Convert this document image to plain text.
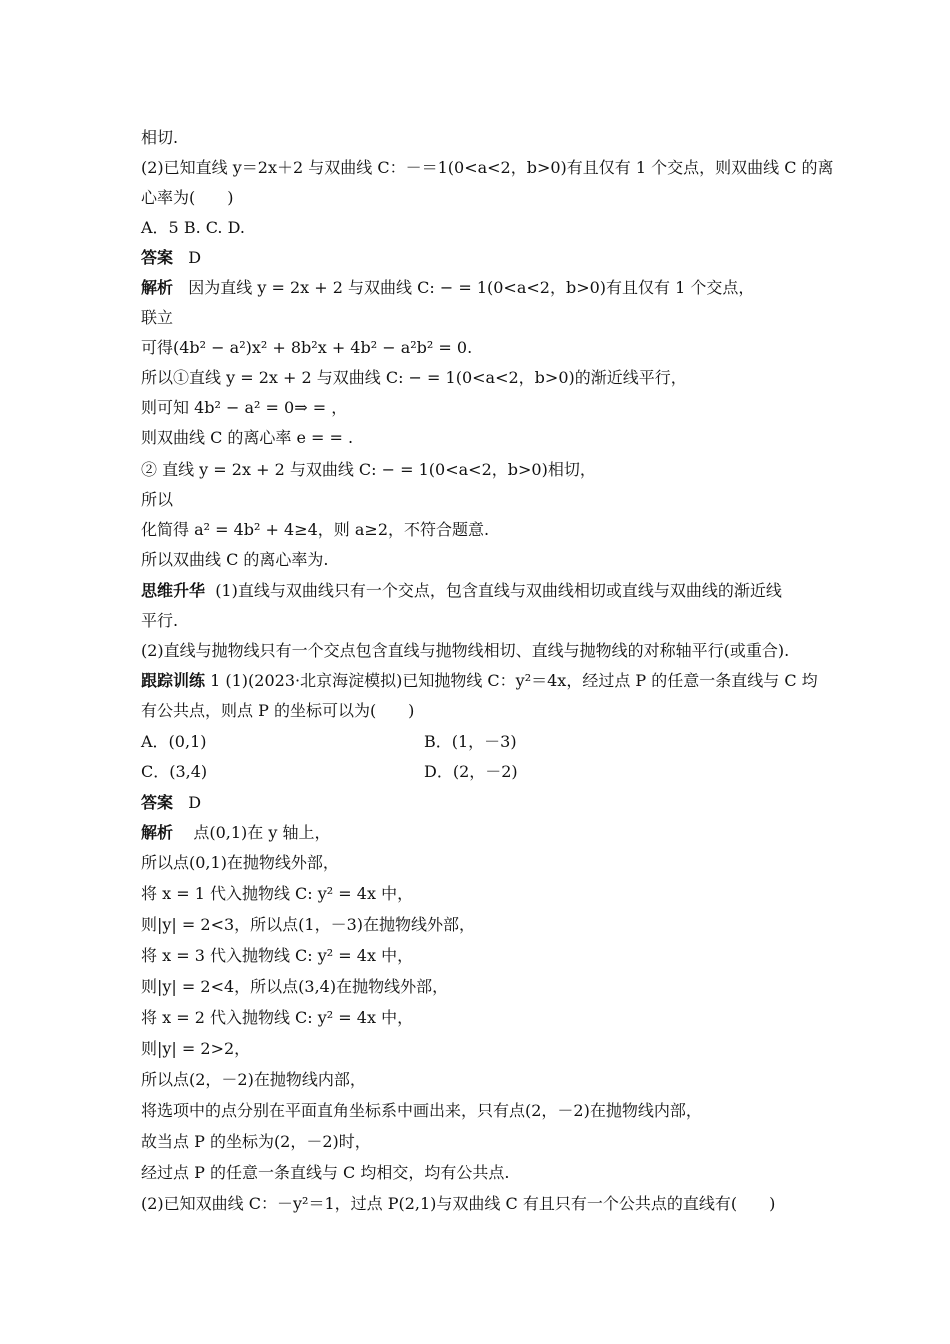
相切.
(2)已知直线 y＝2x＋2 与双曲线 C：－＝1(0<a<2，b>0)有且仅有 1 个交点，则双曲线 C 的离
心率为(　　)
A．5 B. C. D.
答案 D
解析 因为直线 y = 2x + 2 与双曲线 C: − = 1(0<a<2，b>0)有且仅有 1 个交点，
联立
可得(4b² − a²)x² + 8b²x + 4b² − a²b² = 0.
所以①直线 y = 2x + 2 与双曲线 C: − = 1(0<a<2，b>0)的渐近线平行，
则可知 4b² − a² = 0⇒ = ，
则双曲线 C 的离心率 e = = .
② 直线 y = 2x + 2 与双曲线 C: − = 1(0<a<2，b>0)相切，
所以
化简得 a² = 4b² + 4≥4，则 a≥2，不符合题意.
所以双曲线 C 的离心率为.
思维升华 (1)直线与双曲线只有一个交点，包含直线与双曲线相切或直线与双曲线的渐近线
平行.
(2)直线与抛物线只有一个交点包含直线与抛物线相切、直线与抛物线的对称轴平行(或重合).
跟踪训练 1 (1)(2023·北京海淀模拟)已知抛物线 C：y²＝4x，经过点 P 的任意一条直线与 C 均
有公共点，则点 P 的坐标可以为(　　)
A．(0,1)	B．(1，－3)
C．(3,4)	D．(2，－2)
答案 D
解析 点(0,1)在 y 轴上，
所以点(0,1)在抛物线外部，
将 x = 1 代入抛物线 C: y² = 4x 中，
则|y| = 2<3，所以点(1，－3)在抛物线外部，
将 x = 3 代入抛物线 C: y² = 4x 中，
则|y| = 2<4，所以点(3,4)在抛物线外部，
将 x = 2 代入抛物线 C: y² = 4x 中，
则|y| = 2>2，
所以点(2，－2)在抛物线内部，
将选项中的点分别在平面直角坐标系中画出来，只有点(2，－2)在抛物线内部，
故当点 P 的坐标为(2，－2)时，
经过点 P 的任意一条直线与 C 均相交，均有公共点.
(2)已知双曲线 C：－y²＝1，过点 P(2,1)与双曲线 C 有且只有一个公共点的直线有(　　)
